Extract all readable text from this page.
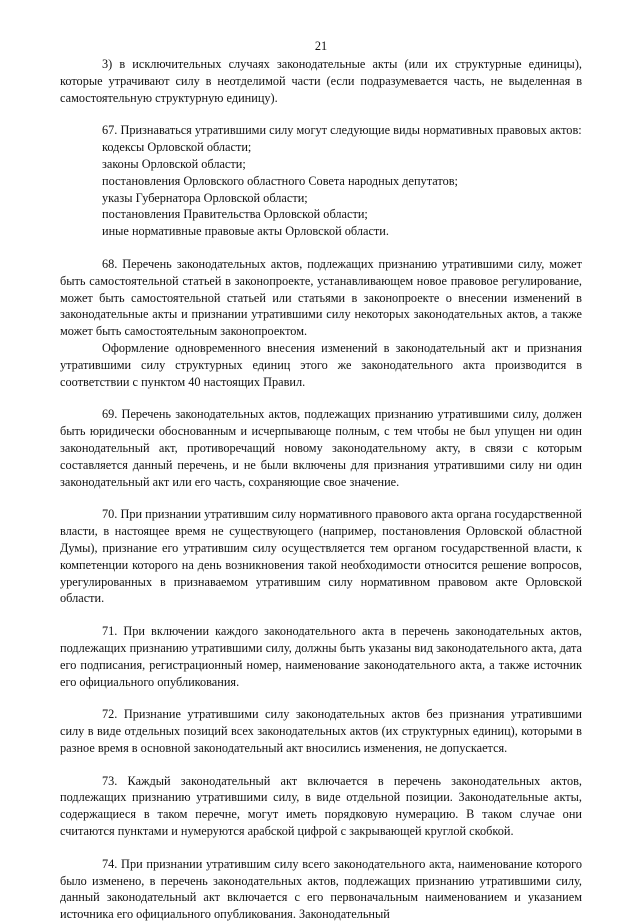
21

3) в исключительных случаях законодательные акты (или их структурные единицы), которые утрачивают силу в неотделимой части (если подразумевается часть, не выделенная в самостоятельную структурную единицу).

67. Признаваться утратившими силу могут следующие виды нормативных правовых актов:

кодексы Орловской области;

законы Орловской области;

постановления Орловского областного Совета народных депутатов;

указы Губернатора Орловской области;

постановления Правительства Орловской области;

иные нормативные правовые акты Орловской области.

68. Перечень законодательных актов, подлежащих признанию утратившими силу, может быть самостоятельной статьей в законопроекте, устанавливающем новое правовое регулирование, может быть самостоятельной статьей или статьями в законопроекте о внесении изменений в законодательные акты и признании утратившими силу некоторых законодательных актов, а также может быть самостоятельным законопроектом.

Оформление одновременного внесения изменений в законодательный акт и признания утратившими силу структурных единиц этого же законодательного акта производится в соответствии с пунктом 40 настоящих Правил.

69. Перечень законодательных актов, подлежащих признанию утратившими силу, должен быть юридически обоснованным и исчерпывающе полным, с тем чтобы не был упущен ни один законодательный акт, противоречащий новому законодательному акту, в связи с которым составляется данный перечень, и не были включены для признания утратившими силу ни один законодательный акт или его часть, сохраняющие свое значение.

70. При признании утратившим силу нормативного правового акта органа государственной власти, в настоящее время не существующего (например, постановления Орловской областной Думы), признание его утратившим силу осуществляется тем органом государственной власти, к компетенции которого на день возникновения такой необходимости относится решение вопросов, урегулированных в признаваемом утратившим силу нормативном правовом акте Орловской области.

71. При включении каждого законодательного акта в перечень законодательных актов, подлежащих признанию утратившими силу, должны быть указаны вид законодательного акта, дата его подписания, регистрационный номер, наименование законодательного акта, а также источник его официального опубликования.

72. Признание утратившими силу законодательных актов без признания утратившими силу в виде отдельных позиций всех законодательных актов (их структурных единиц), которыми в разное время в основной законодательный акт вносились изменения, не допускается.

73. Каждый законодательный акт включается в перечень законодательных актов, подлежащих признанию утратившими силу, в виде отдельной позиции. Законодательные акты, содержащиеся в таком перечне, могут иметь порядковую нумерацию. В таком случае они считаются пунктами и нумеруются арабской цифрой с закрывающей круглой скобкой.

74. При признании утратившим силу всего законодательного акта, наименование которого было изменено, в перечень законодательных актов, подлежащих признанию утратившими силу, данный законодательный акт включается с его первоначальным наименованием и указанием источника его официального опубликования. Законодательный
